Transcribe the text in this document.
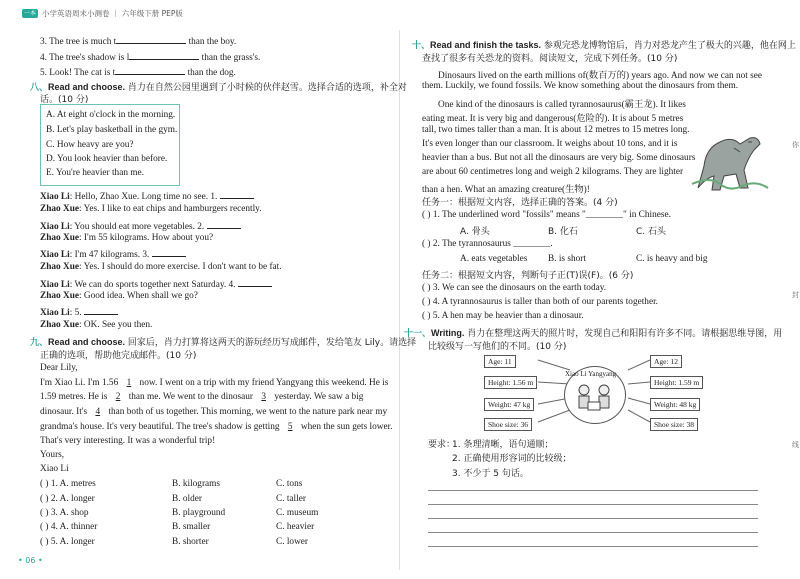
一本 小学英语周末小测卷 ｜ 六年级下册 PEP版
3. The tree is much t	than the boy.
4. The tree's shadow is l	than the grass's.
5. Look! The cat is t	than the dog.
八、Read and choose. 肖力在自然公园里遇到了小时候的伙伴赵雪。选择合适的选项，补全对
话。(10 分)
A. At eight o'clock in the morning.
B. Let's play basketball in the gym.
C. How heavy are you?
D. You look heavier than before.
E. You're heavier than me.
Xiao Li: Hello, Zhao Xue. Long time no see. 1.
Zhao Xue: Yes. I like to eat chips and hamburgers recently.
Xiao Li: You should eat more vegetables. 2.
Zhao Xue: I'm 55 kilograms. How about you?
Xiao Li: I'm 47 kilograms. 3.
Zhao Xue: Yes. I should do more exercise. I don't want to be fat.
Xiao Li: We can do sports together next Saturday. 4.
Zhao Xue: Good idea. When shall we go?
Xiao Li: 5.
Zhao Xue: OK. See you then.
九、Read and choose. 回家后，肖力打算将这两天的游玩经历写成邮件，发给笔友 Lily。请选择
正确的选项，帮助他完成邮件。(10 分)
Dear Lily,
I'm Xiao Li. I'm 1.56 1 now. I went on a trip with my friend Yangyang this weekend. He is
1.59 metres. He is 2 than me. We went to the dinosaur 3 yesterday. We saw a big
dinosaur. It's 4 than both of us together. This morning, we went to the nature park near my
grandma's house. It's very beautiful. The tree's shadow is getting 5 when the sun gets lower.
That's very interesting. It was a wonderful trip!
Yours,
Xiao Li
( ) 1. A. metres	B. kilograms	C. tons
( ) 2. A. longer	B. older	C. taller
( ) 3. A. shop	B. playground	C. museum
( ) 4. A. thinner	B. smaller	C. heavier
( ) 5. A. longer	B. shorter	C. lower
• 06 •
十、Read and finish the tasks. 参观完恐龙博物馆后，肖力对恐龙产生了极大的兴趣，他在网上
查找了很多有关恐龙的资料。阅读短文，完成下列任务。(10 分)
Dinosaurs lived on the earth millions of(数百万的) years ago. And now we can not see
them. Luckily, we found fossils. We know something about the dinosaurs from them.
One kind of the dinosaurs is called tyrannosaurus(霸王龙). It likes
eating meat. It is very big and dangerous(危险的). It is about 5 metres
tall, two times taller than a man. It is about 12 metres to 15 metres long.
It's even longer than our classroom. It weighs about 10 tons, and it is
heavier than a bus. But not all the dinosaurs are very big. Some dinosaurs
are about 60 centimetres long and weigh 2 kilograms. They are lighter
than a hen. What an amazing creature(生物)!
任务一：根据短文内容，选择正确的答案。(4 分)
( ) 1. The underlined word "fossils" means "________" in Chinese.
A. 骨头	B. 化石	C. 石头
( ) 2. The tyrannosaurus ________.
A. eats vegetables B. is short	C. is heavy and big
任务二：根据短文内容，判断句子正(T)误(F)。(6 分)
( ) 3. We can see the dinosaurs on the earth today.
( ) 4. A tyrannosaurus is taller than both of our parents together.
( ) 5. A hen may be heavier than a dinosaur.
十一、Writing. 肖力在整理这两天的照片时，发现自己和阳阳有许多不同。请根据思维导图，用
比较级写一写他们的不同。(10 分)
Age: 11
Height: 1.56 m
Weight: 47 kg
Shoe size: 36
Xiao Li Yangyang
Age: 12
Height: 1.59 m
Weight: 48 kg
Shoe size: 38
要求：
1. 条理清晰，语句通顺；
2. 正确使用形容词的比较级；
3. 不少于 5 句话。
你
封
线
